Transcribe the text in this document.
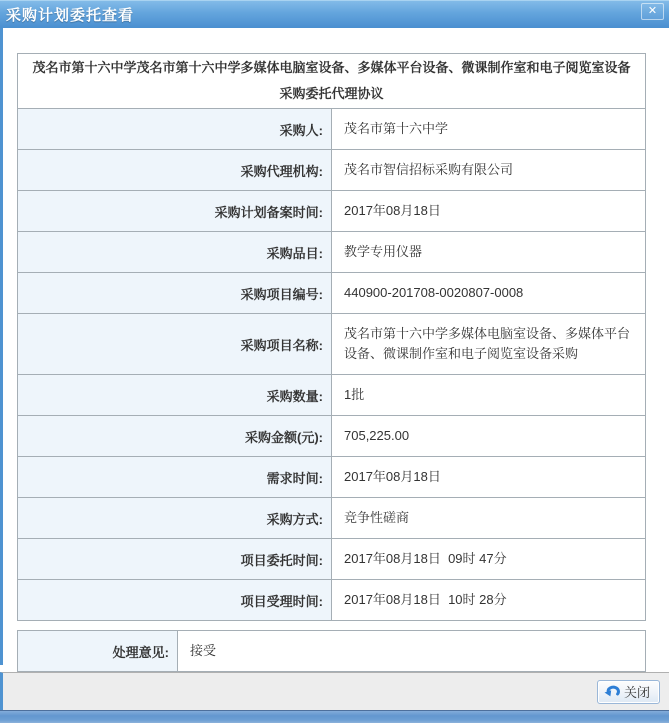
采购计划委托查看	✕
茂名市第十六中学茂名市第十六中学多媒体电脑室设备、多媒体平台设备、微课制作室和电子阅览室设备采购委托代理协议	
采购人:	茂名市第十六中学
采购代理机构:	茂名市智信招标采购有限公司
采购计划备案时间:	2017年08月18日
采购品目:	教学专用仪器
采购项目编号:	440900-201708-0020807-0008
采购项目名称:	茂名市第十六中学多媒体电脑室设备、多媒体平台设备、微课制作室和电子阅览室设备采购
采购数量:	1批
采购金额(元):	705,225.00
需求时间:	2017年08月18日
采购方式:	竞争性磋商
项目委托时间:	2017年08月18日  09时 47分
项目受理时间:	2017年08月18日  10时 28分
处理意见:	接受
关闭
